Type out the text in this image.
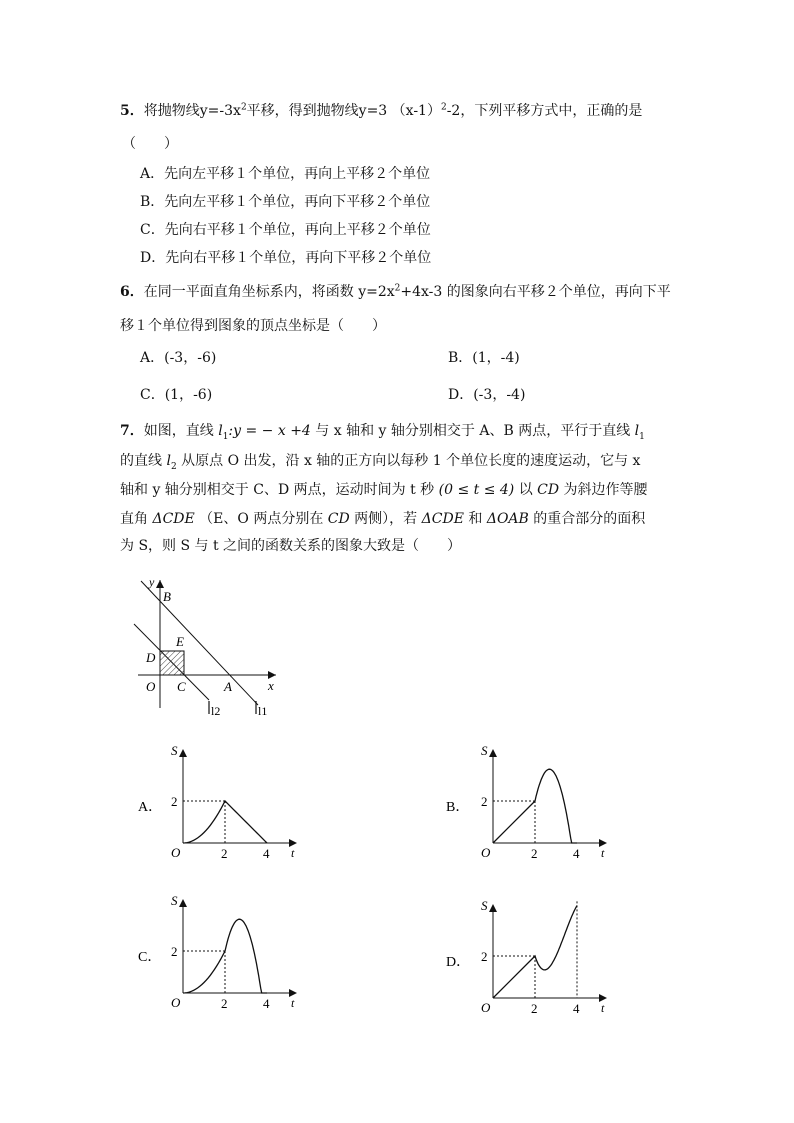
5．将抛物线$y=-3x^2$平移，得到抛物线y=3 $(x-1)^2-2$，下列平移方式中，正确的是
（　　）
A．先向左平移１个单位，再向上平移２个单位
B．先向左平移１个单位，再向下平移２个单位
C．先向右平移１个单位，再向上平移２个单位
D．先向右平移１个单位，再向下平移２个单位
6．在同一平面直角坐标系内，将函数 $y=2x^2+4x-3$ 的图象向右平移２个单位，再向下平
移１个单位得到图象的顶点坐标是（　　）
A．(-3，-6)	B．(1，-4)
C．(1，-6)	D．(-3，-4)
7．如图，直线 $l_1:y$ = − x +4 与 x 轴和 y 轴分别相交于 A、B 两点，平行于直线 $l_1$
的直线 $l_2$ 从原点 O 出发，沿 x 轴的正方向以每秒 1 个单位长度的速度运动，它与 x
轴和 y 轴分别相交于 C、D 两点，运动时间为 t 秒 (0 ≤ t ≤ 4) 以 CD 为斜边作等腰
直角 ΔCDE （E、O 两点分别在 CD 两侧），若 ΔCDE 和 ΔOAB 的重合部分的面积
为 S，则 S 与 t 之间的函数关系的图象大致是（　　）
y
B
E
D
O C	A	x
l2	l1
S
t
O
2
2	4
A．
S
t
O
2
2	4
B．
S
t
O
2
2	4
C．
S
t
O
2
2	4
D．
